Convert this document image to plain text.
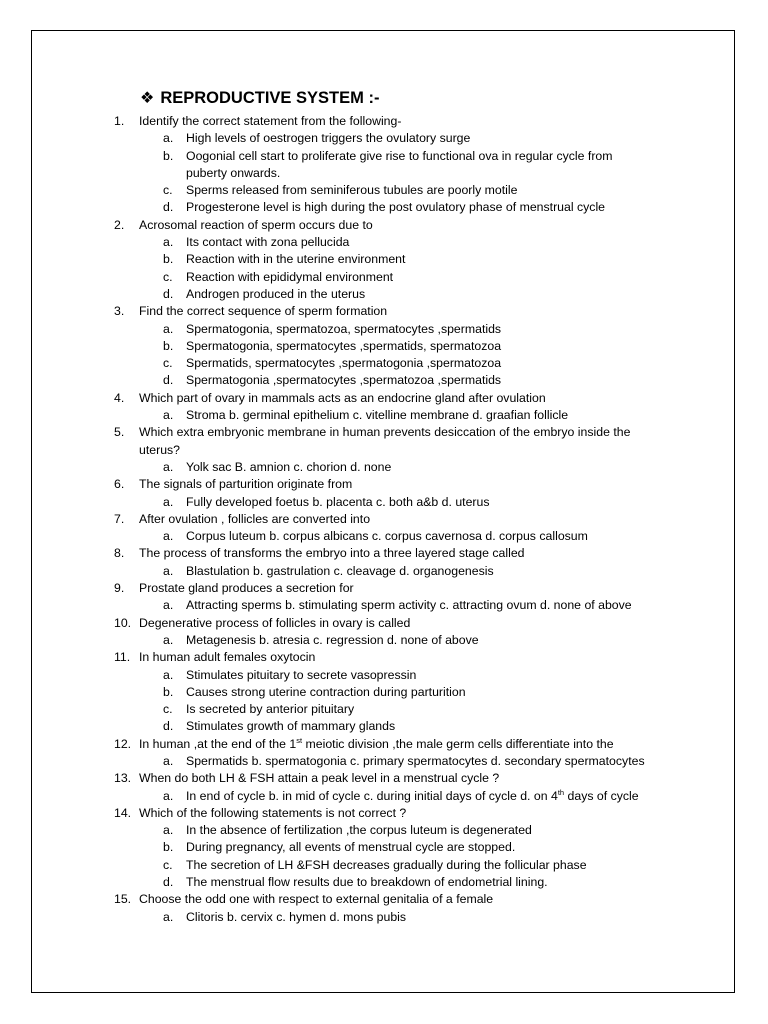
❖ REPRODUCTIVE SYSTEM :-
1.	Identify the correct statement from the following-
a. High levels of oestrogen triggers the ovulatory surge
b. Oogonial cell start to proliferate give rise to functional ova in regular cycle from
puberty onwards.
c. Sperms released from seminiferous tubules are poorly motile
d. Progesterone level is high during the post ovulatory phase of menstrual cycle
2.	Acrosomal reaction of sperm occurs due to
a. Its contact with zona pellucida
b. Reaction with in the uterine environment
c. Reaction with epididymal environment
d. Androgen produced in the uterus
3.	Find the correct sequence of sperm formation
a. Spermatogonia, spermatozoa, spermatocytes ,spermatids
b. Spermatogonia, spermatocytes ,spermatids, spermatozoa
c. Spermatids, spermatocytes ,spermatogonia ,spermatozoa
d. Spermatogonia ,spermatocytes ,spermatozoa ,spermatids
4.	Which part of ovary in mammals acts as an endocrine gland after ovulation
a. Stroma b. germinal epithelium c. vitelline membrane d. graafian follicle
5.	Which extra embryonic membrane in human prevents desiccation of the embryo inside the
uterus?
a. Yolk sac B. amnion c. chorion d. none
6.	The signals of parturition originate from
a. Fully developed foetus b. placenta c. both a&b d. uterus
7.	After ovulation , follicles are converted into
a. Corpus luteum b. corpus albicans c. corpus cavernosa d. corpus callosum
8.	The process of transforms the embryo into a three layered stage called
a. Blastulation b. gastrulation c. cleavage d. organogenesis
9.	Prostate gland produces a secretion for
a. Attracting sperms b. stimulating sperm activity c. attracting ovum d. none of above
10. Degenerative process of follicles in ovary is called
a. Metagenesis b. atresia c. regression d. none of above
11. In human adult females oxytocin
a. Stimulates pituitary to secrete vasopressin
b. Causes strong uterine contraction during parturition
c. Is secreted by anterior pituitary
d. Stimulates growth of mammary glands
12. In human ,at the end of the 1st meiotic division ,the male germ cells differentiate into the
a. Spermatids b. spermatogonia c. primary spermatocytes d. secondary spermatocytes
13. When do both LH & FSH attain a peak level in a menstrual cycle ?
a. In end of cycle b. in mid of cycle c. during initial days of cycle d. on 4th days of cycle
14. Which of the following statements is not correct ?
a. In the absence of fertilization ,the corpus luteum is degenerated
b. During pregnancy, all events of menstrual cycle are stopped.
c. The secretion of LH &FSH decreases gradually during the follicular phase
d. The menstrual flow results due to breakdown of endometrial lining.
15. Choose the odd one with respect to external genitalia of a female
a. Clitoris b. cervix c. hymen d. mons pubis
